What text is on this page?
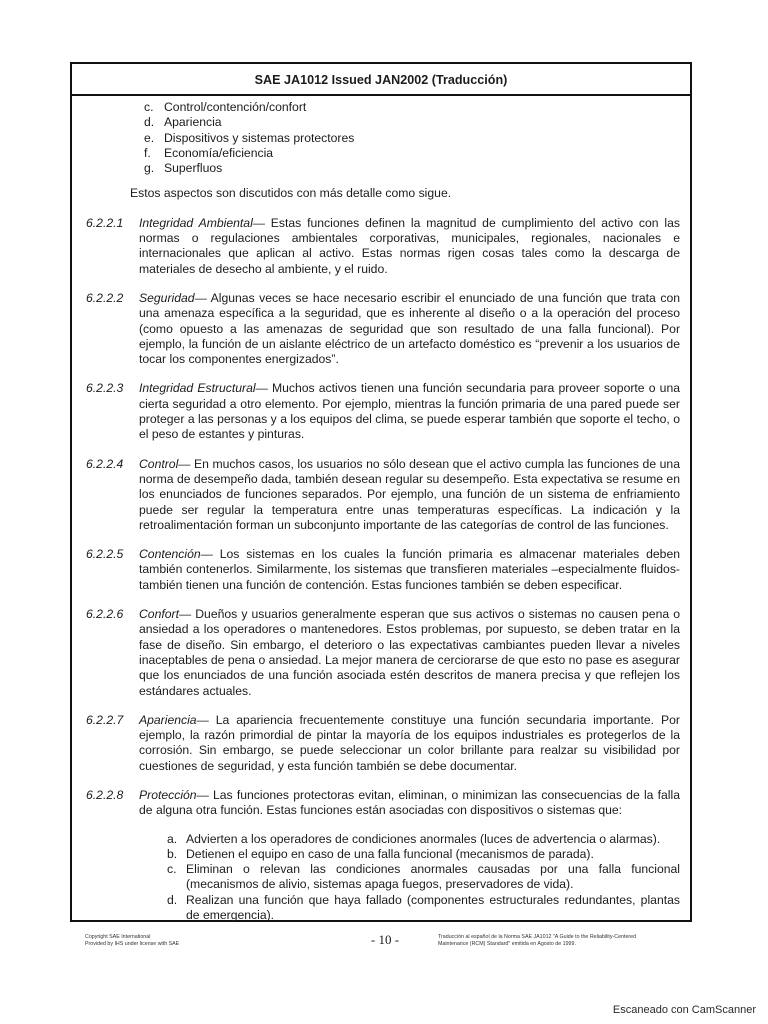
SAE JA1012 Issued JAN2002 (Traducción)
c. Control/contención/confort
d. Apariencia
e. Dispositivos y sistemas protectores
f.	Economía/eficiencia
g. Superfluos
Estos aspectos son discutidos con más detalle como sigue.
6.2.2.1	Integridad Ambiental— Estas funciones definen la magnitud de cumplimiento del activo con las normas o regulaciones ambientales corporativas, municipales, regionales, nacionales e internacionales que aplican al activo. Estas normas rigen cosas tales como la descarga de materiales de desecho al ambiente, y el ruido.
6.2.2.2	Seguridad— Algunas veces se hace necesario escribir el enunciado de una función que trata con una amenaza específica a la seguridad, que es inherente al diseño o a la operación del proceso (como opuesto a las amenazas de seguridad que son resultado de una falla funcional). Por ejemplo, la función de un aislante eléctrico de un artefacto doméstico es “prevenir a los usuarios de tocar los componentes energizados”.
6.2.2.3	Integridad Estructural— Muchos activos tienen una función secundaria para proveer soporte o una cierta seguridad a otro elemento. Por ejemplo, mientras la función primaria de una pared puede ser proteger a las personas y a los equipos del clima, se puede esperar también que soporte el techo, o el peso de estantes y pinturas.
6.2.2.4	Control— En muchos casos, los usuarios no sólo desean que el activo cumpla las funciones de una norma de desempeño dada, también desean regular su desempeño. Esta expectativa se resume en los enunciados de funciones separados. Por ejemplo, una función de un sistema de enfriamiento puede ser regular la temperatura entre unas temperaturas específicas. La indicación y la retroalimentación forman un subconjunto importante de las categorías de control de las funciones.
6.2.2.5	Contención— Los sistemas en los cuales la función primaria es almacenar materiales deben también contenerlos. Similarmente, los sistemas que transfieren materiales –especialmente fluidos- también tienen una función de contención. Estas funciones también se deben especificar.
6.2.2.6	Confort— Dueños y usuarios generalmente esperan que sus activos o sistemas no causen pena o ansiedad a los operadores o mantenedores. Estos problemas, por supuesto, se deben tratar en la fase de diseño. Sin embargo, el deterioro o las expectativas cambiantes pueden llevar a niveles inaceptables de pena o ansiedad. La mejor manera de cerciorarse de que esto no pase es asegurar que los enunciados de una función asociada estén descritos de manera precisa y que reflejen los estándares actuales.
6.2.2.7	Apariencia— La apariencia frecuentemente constituye una función secundaria importante. Por ejemplo, la razón primordial de pintar la mayoría de los equipos industriales es protegerlos de la corrosión. Sin embargo, se puede seleccionar un color brillante para realzar su visibilidad por cuestiones de seguridad, y esta función también se debe documentar.
6.2.2.8	Protección— Las funciones protectoras evitan, eliminan, o minimizan las consecuencias de la falla de alguna otra función. Estas funciones están asociadas con dispositivos o sistemas que:
a. Advierten a los operadores de condiciones anormales (luces de advertencia o alarmas).
b. Detienen el equipo en caso de una falla funcional (mecanismos de parada).
c. Eliminan o relevan las condiciones anormales causadas por una falla funcional (mecanismos de alivio, sistemas apaga fuegos, preservadores de vida).
d. Realizan una función que haya fallado (componentes estructurales redundantes, plantas de emergencia).
Copyright SAE International
Provided by IHS under license with SAE	- 10 -	Traducción al español de la Norma SAE JA1012 "A Guide to the Reliability-Centered
Maintenance (RCM) Standard" emitida en Agosto de 1999.
Escaneado con CamScanner
